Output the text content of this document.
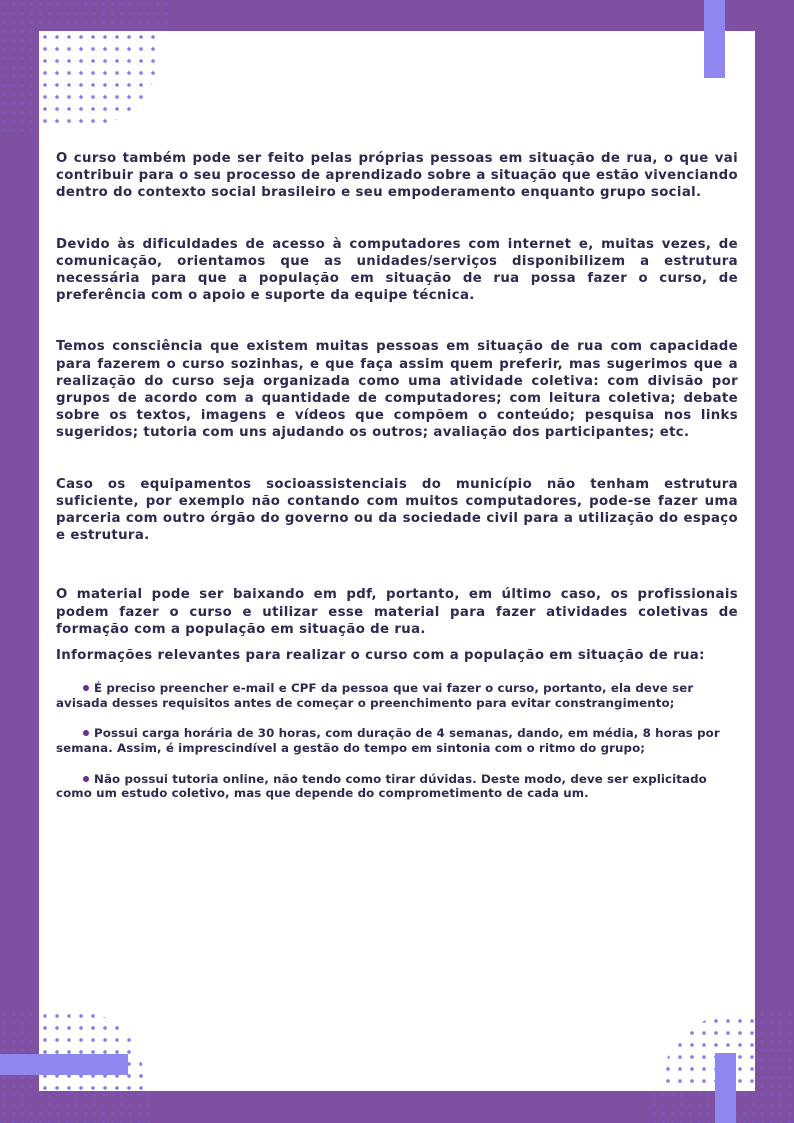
O curso também pode ser feito pelas próprias pessoas em situação de rua, o que vai contribuir para o seu processo de aprendizado sobre a situação que estão vivenciando dentro do contexto social brasileiro e seu empoderamento enquanto grupo social.

Devido às dificuldades de acesso à computadores com internet e, muitas vezes, de comunicação, orientamos que as unidades/serviços disponibilizem a estrutura necessária para que a população em situação de rua possa fazer o curso, de preferência com o apoio e suporte da equipe técnica.

Temos consciência que existem muitas pessoas em situação de rua com capacidade para fazerem o curso sozinhas, e que faça assim quem preferir, mas sugerimos que a realização do curso seja organizada como uma atividade coletiva: com divisão por grupos de acordo com a quantidade de computadores; com leitura coletiva; debate sobre os textos, imagens e vídeos que compõem o conteúdo; pesquisa nos links sugeridos; tutoria com uns ajudando os outros; avaliação dos participantes; etc.

Caso os equipamentos socioassistenciais do município não tenham estrutura suficiente, por exemplo não contando com muitos computadores, pode-se fazer uma parceria com outro órgão do governo ou da sociedade civil para a utilização do espaço e estrutura.

O material pode ser baixando em pdf, portanto, em último caso, os profissionais podem fazer o curso e utilizar esse material para fazer atividades coletivas de formação com a população em situação de rua.

Informações relevantes para realizar o curso com a população em situação de rua:

É preciso preencher e-mail e CPF da pessoa que vai fazer o curso, portanto, ela deve ser avisada desses requisitos antes de começar o preenchimento para evitar constrangimento;

Possui carga horária de 30 horas, com duração de 4 semanas, dando, em média, 8 horas por semana. Assim, é imprescindível a gestão do tempo em sintonia com o ritmo do grupo;

Não possui tutoria online, não tendo como tirar dúvidas. Deste modo, deve ser explicitado como um estudo coletivo, mas que depende do comprometimento de cada um.
